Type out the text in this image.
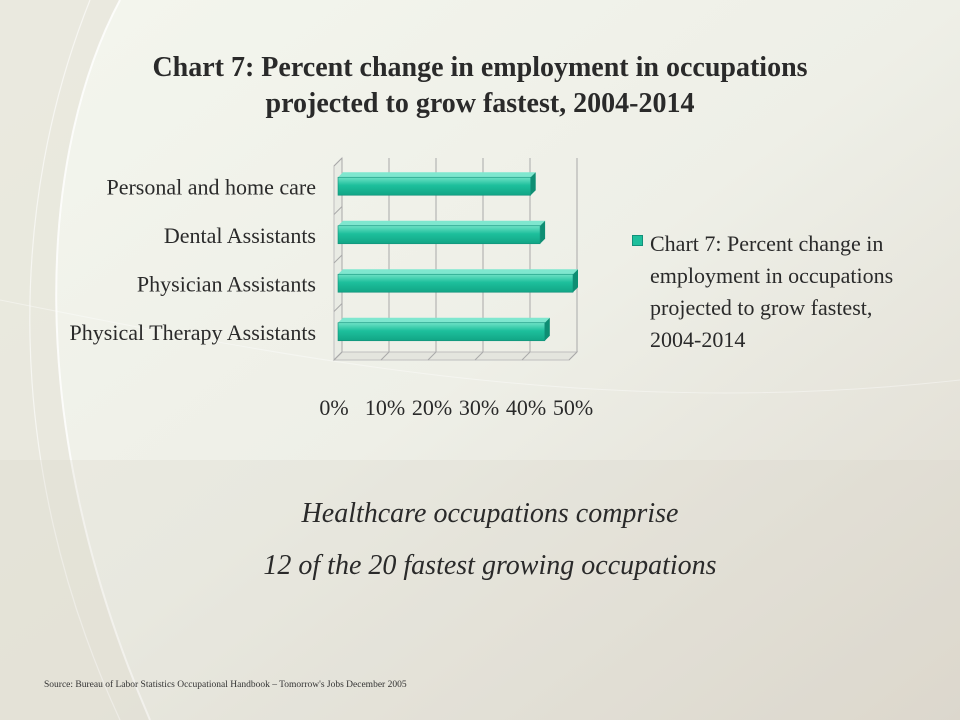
Chart 7: Percent change in employment in occupations
projected to grow fastest, 2004-2014
0% 10% 20% 30% 40% 50%
Personal and home care
Dental Assistants
Physician Assistants
Physical Therapy Assistants
Chart 7: Percent change in
employment in occupations
projected to grow fastest,
2004-2014
Healthcare occupations comprise
12 of the 20 fastest growing occupations
Source: Bureau of Labor Statistics Occupational Handbook – Tomorrow's Jobs December 2005
